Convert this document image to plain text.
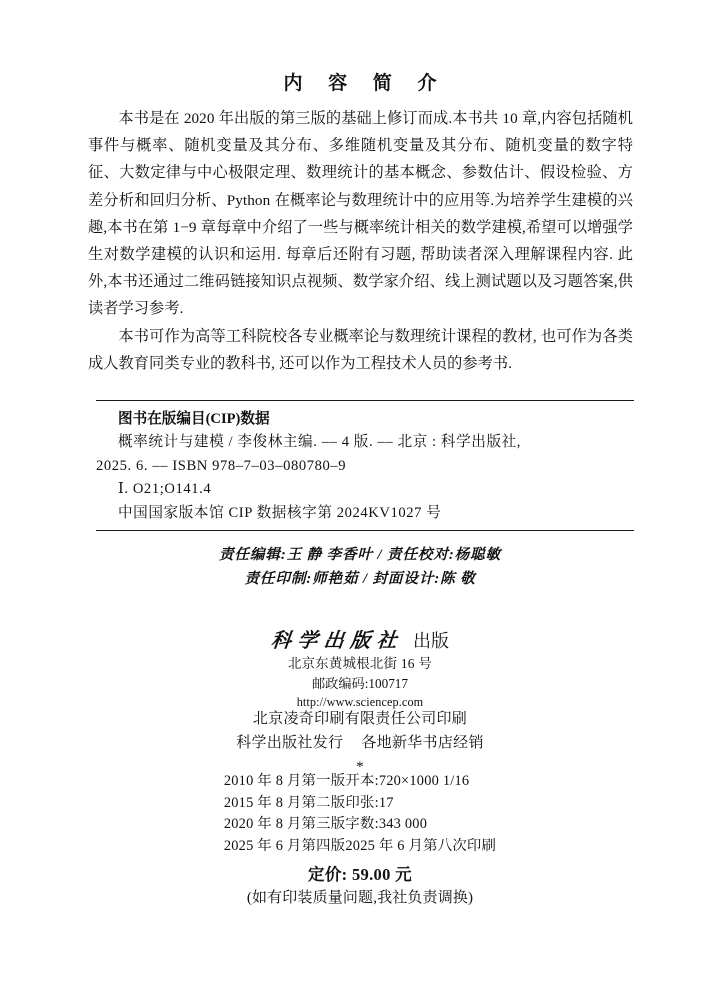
内 容 简 介

本书是在 2020 年出版的第三版的基础上修订而成.本书共 10 章,内容包括随机事件与概率、随机变量及其分布、多维随机变量及其分布、随机变量的数字特征、大数定律与中心极限定理、数理统计的基本概念、参数估计、假设检验、方差分析和回归分析、Python 在概率论与数理统计中的应用等.为培养学生建模的兴趣,本书在第 1−9 章每章中介绍了一些与概率统计相关的数学建模,希望可以增强学生对数学建模的认识和运用. 每章后还附有习题, 帮助读者深入理解课程内容. 此外,本书还通过二维码链接知识点视频、数学家介绍、线上测试题以及习题答案,供读者学习参考.

本书可作为高等工科院校各专业概率论与数理统计课程的教材, 也可作为各类成人教育同类专业的教科书, 还可以作为工程技术人员的参考书.

图书在版编目(CIP)数据
概率统计与建模 / 李俊林主编. ‒‒ 4 版. ‒‒ 北京 : 科学出版社,
2025. 6. ‒‒ ISBN 978‒7‒03‒080780‒9
Ⅰ. O21;O141.4
中国国家版本馆 CIP 数据核字第 2024KV1027 号
责任编辑:王 静 李香叶 / 责任校对:杨聪敏
责任印制:师艳茹 / 封面设计:陈 敬
科学出版社 出版
北京东黄城根北街 16 号
邮政编码:100717
http://www.sciencep.com
北京凌奇印刷有限责任公司印刷
科学出版社发行 各地新华书店经销
*
2010 年 8 月第	一	版	开本:720×1000 1/16
2015 年 8 月第	二	版	印张:17
2020 年 8 月第	三	版	字数:343 000
2025 年 6 月第	四	版	2025 年 6 月第八次印刷
定价: 59.00 元
(如有印装质量问题,我社负责调换)
